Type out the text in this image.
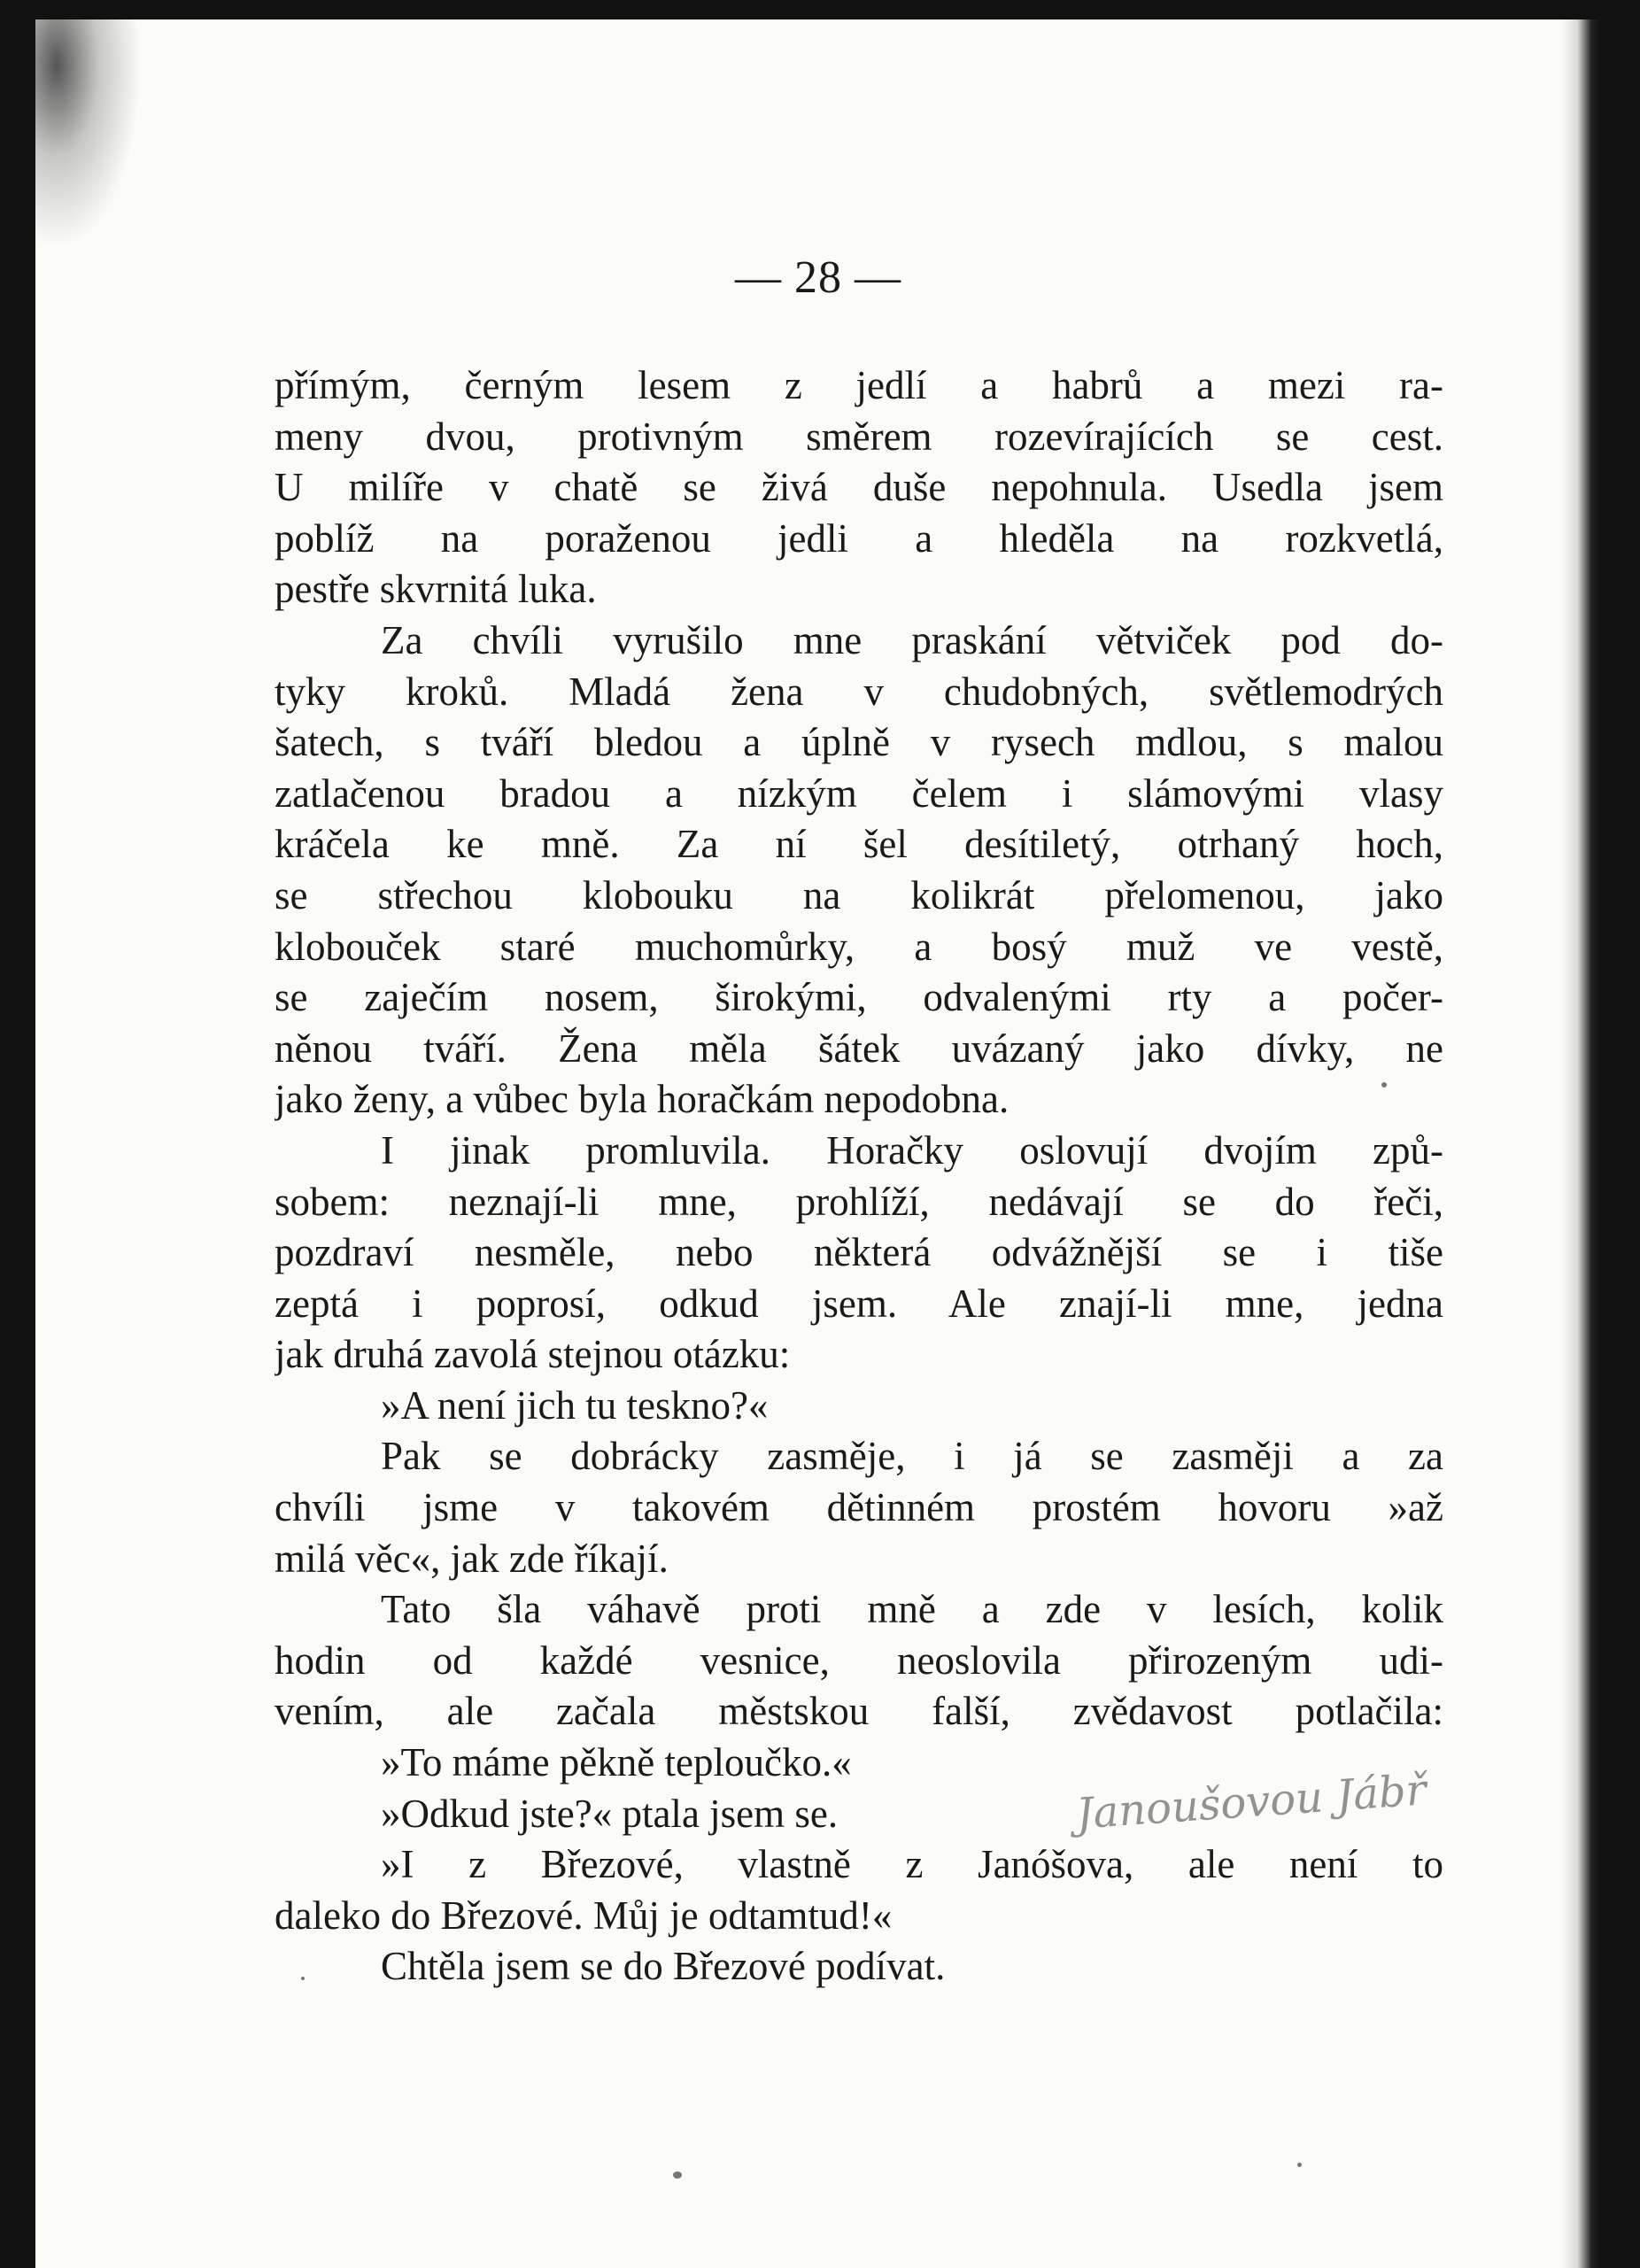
— 28 —
přímým, černým lesem z jedlí a habrů a mezi ra-
meny dvou, protivným směrem rozevírajících se cest.
U milíře v chatě se živá duše nepohnula. Usedla jsem
poblíž na poraženou jedli a hleděla na rozkvetlá,
pestře skvrnitá luka.
Za chvíli vyrušilo mne praskání větviček pod do-
tyky kroků. Mladá žena v chudobných, světlemodrých
šatech, s tváří bledou a úplně v rysech mdlou, s malou
zatlačenou bradou a nízkým čelem i slámovými vlasy
kráčela ke mně. Za ní šel desítiletý, otrhaný hoch,
se střechou klobouku na kolikrát přelomenou, jako
klobouček staré muchomůrky, a bosý muž ve vestě,
se zaječím nosem, širokými, odvalenými rty a počer-
něnou tváří. Žena měla šátek uvázaný jako dívky, ne
jako ženy, a vůbec byla horačkám nepodobna.
I jinak promluvila. Horačky oslovují dvojím způ-
sobem: neznají-li mne, prohlíží, nedávají se do řeči,
pozdraví nesměle, nebo některá odvážnější se i tiše
zeptá i poprosí, odkud jsem. Ale znají-li mne, jedna
jak druhá zavolá stejnou otázku:
»A není jich tu teskno?«
Pak se dobrácky zasměje, i já se zasměji a za
chvíli jsme v takovém dětinném prostém hovoru »až
milá věc«, jak zde říkají.
Tato šla váhavě proti mně a zde v lesích, kolik
hodin od každé vesnice, neoslovila přirozeným udi-
vením, ale začala městskou falší, zvědavost potlačila:
»To máme pěkně teploučko.«
»Odkud jste?« ptala jsem se.
»I z Březové, vlastně z Janóšova, ale není to
daleko do Březové. Můj je odtamtud!«
Chtěla jsem se do Březové podívat.
Janoušovou Jábř
